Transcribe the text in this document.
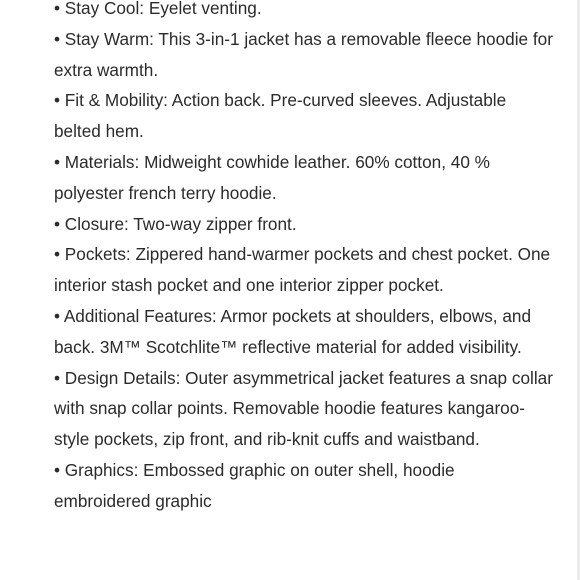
• Stay Cool: Eyelet venting.

• Stay Warm: This 3-in-1 jacket has a removable fleece hoodie for extra warmth.

• Fit & Mobility: Action back. Pre-curved sleeves. Adjustable belted hem.

• Materials: Midweight cowhide leather. 60% cotton, 40 % polyester french terry hoodie.

• Closure: Two-way zipper front.

• Pockets: Zippered hand-warmer pockets and chest pocket. One interior stash pocket and one interior zipper pocket.

• Additional Features: Armor pockets at shoulders, elbows, and back. 3M™ Scotchlite™ reflective material for added visibility.

• Design Details: Outer asymmetrical jacket features a snap collar with snap collar points. Removable hoodie features kangaroo-style pockets, zip front, and rib-knit cuffs and waistband.

• Graphics: Embossed graphic on outer shell, hoodie embroidered graphic
